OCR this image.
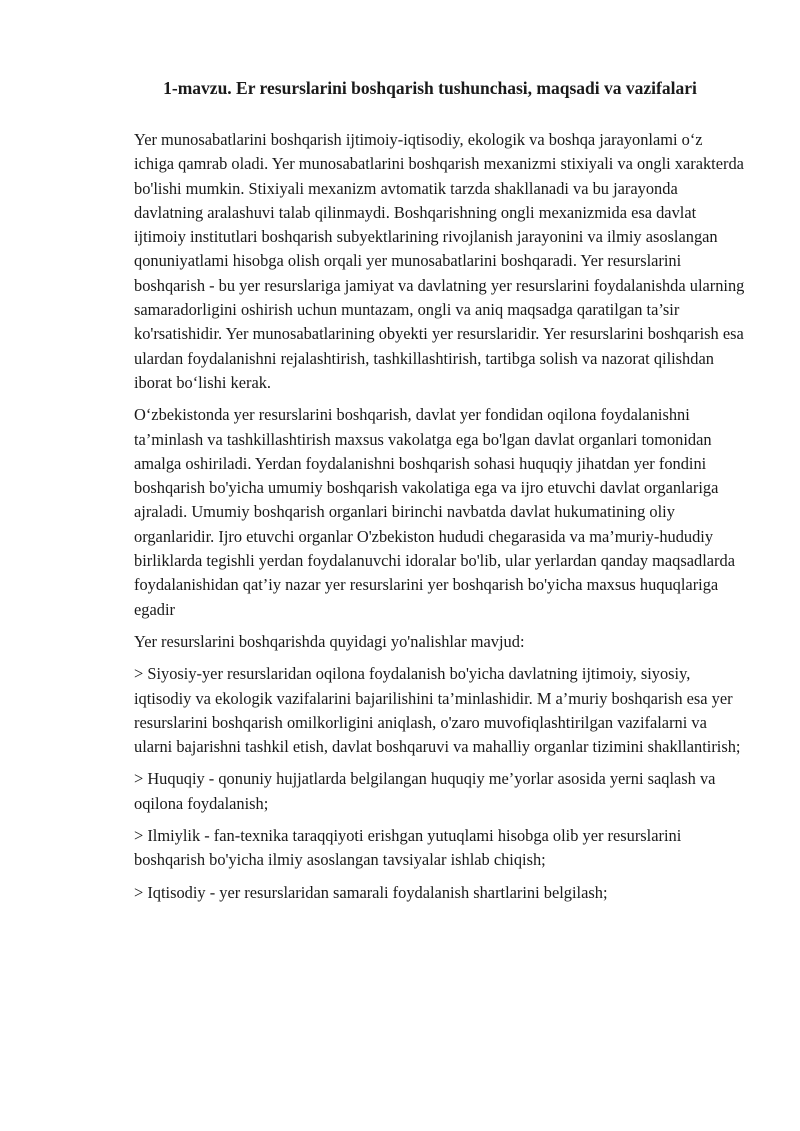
1-mavzu. Er resurslarini boshqarish tushunchasi, maqsadi va vazifalari

Yer munosabatlarini boshqarish ijtimoiy-iqtisodiy, ekologik va boshqa jarayonlami o‘z ichiga qamrab oladi. Yer munosabatlarini boshqarish mexanizmi stixiyali va ongli xarakterda bo'lishi mumkin. Stixiyali mexanizm avtomatik tarzda shakllanadi va bu jarayonda davlatning aralashuvi talab qilinmaydi. Boshqarishning ongli mexanizmida esa davlat ijtimoiy institutlari boshqarish subyektlarining rivojlanish jarayonini va ilmiy asoslangan qonuniyatlami hisobga olish orqali yer munosabatlarini boshqaradi. Yer resurslarini boshqarish - bu yer resurslariga jamiyat va davlatning yer resurslarini foydalanishda ularning samaradorligini oshirish uchun muntazam, ongli va aniq maqsadga qaratilgan ta’sir ko'rsatishidir. Yer munosabatlarining obyekti yer resurslaridir. Yer resurslarini boshqarish esa ulardan foydalanishni rejalashtirish, tashkillashtirish, tartibga solish va nazorat qilishdan iborat bo‘lishi kerak.

O‘zbekistonda yer resurslarini boshqarish, davlat yer fondidan oqilona foydalanishni ta’minlash va tashkillashtirish maxsus vakolatga ega bo'lgan davlat organlari tomonidan amalga oshiriladi. Yerdan foydalanishni boshqarish sohasi huquqiy jihatdan yer fondini boshqarish bo'yicha umumiy boshqarish vakolatiga ega va ijro etuvchi davlat organlariga ajraladi. Umumiy boshqarish organlari birinchi navbatda davlat hukumatining oliy organlaridir. Ijro etuvchi organlar O'zbekiston hududi chegarasida va ma’muriy-hududiy birliklarda tegishli yerdan foydalanuvchi idoralar bo'lib, ular yerlardan qanday maqsadlarda foydalanishidan qat’iy nazar yer resurslarini yer boshqarish bo'yicha maxsus huquqlariga egadir

Yer resurslarini boshqarishda quyidagi yo'nalishlar mavjud:

> Siyosiy-yer resurslaridan oqilona foydalanish bo'yicha davlatning ijtimoiy, siyosiy, iqtisodiy va ekologik vazifalarini bajarilishini ta’minlashidir. M a’muriy boshqarish esa yer resurslarini boshqarish omilkorligini aniqlash, o'zaro muvofiqlashtirilgan vazifalarni va ularni bajarishni tashkil etish, davlat boshqaruvi va mahalliy organlar tizimini shakllantirish;

> Huquqiy - qonuniy hujjatlarda belgilangan huquqiy me’yorlar asosida yerni saqlash va oqilona foydalanish;

> Ilmiylik - fan-texnika taraqqiyoti erishgan yutuqlami hisobga olib yer resurslarini boshqarish bo'yicha ilmiy asoslangan tavsiyalar ishlab chiqish;

> Iqtisodiy - yer resurslaridan samarali foydalanish shartlarini belgilash;
